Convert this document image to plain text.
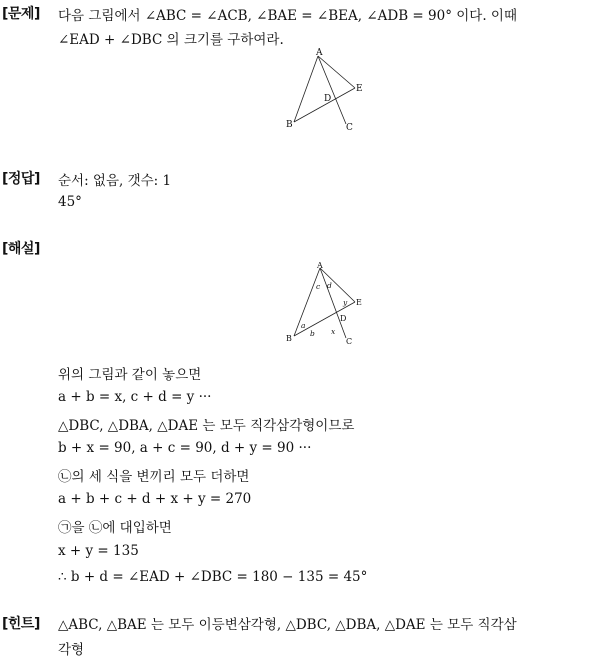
[문제] 다음 그림에서 ∠ABC = ∠ACB, ∠BAE = ∠BEA, ∠ADB = 90° 이다. 이때
∠EAD + ∠DBC 의 크기를 구하여라.
A
B	C
D
E
[정답] 순서: 없음, 갯수: 1
45°
[해설]
A
B	C
D
E
a
b
c d
x
y
위의 그림과 같이 놓으면
a + b = x, c + d = y ···
△DBC, △DBA, △DAE 는 모두 직각삼각형이므로
b + x = 90, a + c = 90, d + y = 90 ···
㉡의 세 식을 변끼리 모두 더하면
a + b + c + d + x + y = 270
㉠을 ㉡에 대입하면
x + y = 135
∴ b + d = ∠EAD + ∠DBC = 180 − 135 = 45°
[힌트] △ABC, △BAE 는 모두 이등변삼각형, △DBC, △DBA, △DAE 는 모두 직각삼
각형
